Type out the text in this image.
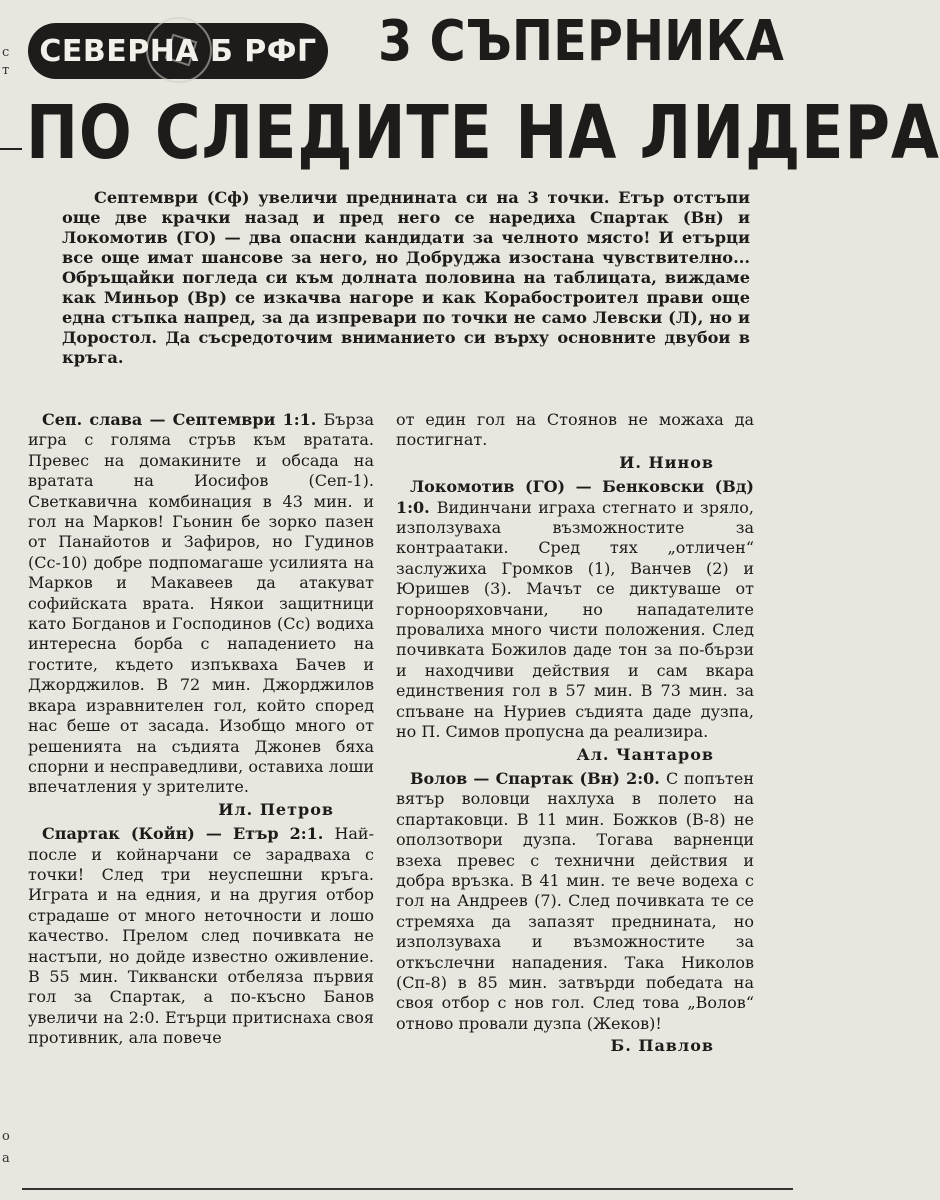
с
т
о
а
СЕВЕРНА Б РФГ 3 СЪПЕРНИКА
ПО СЛЕДИТЕ НА ЛИДЕРА
Септември (Сф) увеличи преднината си на 3 точки. Етър отстъпи още две крачки назад и пред него се наредиха Спартак (Вн) и Локомотив (ГО) — два опасни кандидати за челното място! И етърци все още имат шансове за него, но Добруджа изостана чувствително... Обръщайки погледа си към долната половина на таблицата, виждаме как Миньор (Вр) се изкачва нагоре и как Корабостроител прави още една стъпка напред, за да изпревари по точки не само Левски (Л), но и Доростол. Да съсредоточим вниманието си върху основните двубои в кръга.

Сеп. слава — Септември 1:1. Бърза игра с голяма стръв към вратата. Превес на домакините и обсада на вратата на Иосифов (Сеп-1). Светкавична комбинация в 43 мин. и гол на Марков! Гьонин бе зорко пазен от Панайотов и Зафиров, но Гудинов (Сс-10) добре подпомагаше усилията на Марков и Макавеев да атакуват софийската врата. Някои защитници като Богданов и Господинов (Сс) водиха интересна борба с нападението на гостите, където изпъкваха Бачев и Джорджилов. В 72 мин. Джорджилов вкара изравнителен гол, който според нас беше от засада. Изобщо много от решенията на съдията Джонев бяха спорни и несправедливи, оставиха лоши впечатления у зрителите.

Ил. Петров

Спартак (Койн) — Етър 2:1. Най-после и койнарчани се зарадваха с точки! След три неуспешни кръга. Играта и на едния, и на другия отбор страдаше от много неточности и лошо качество. Прелом след почивката не настъпи, но дойде известно оживление. В 55 мин. Тиквански отбеляза първия гол за Спартак, а по-късно Банов увеличи на 2:0. Етърци притиснаха своя противник, ала повече

от един гол на Стоянов не можаха да постигнат.

И. Нинов

Локомотив (ГО) — Бенковски (Вд) 1:0. Видинчани играха стегнато и зряло, използуваха възможностите за контраатаки. Сред тях „отличен“ заслужиха Громков (1), Ванчев (2) и Юришев (3). Мачът се диктуваше от горнооряховчани, но нападателите провалиха много чисти положения. След почивката Божилов даде тон за по-бързи и находчиви действия и сам вкара единствения гол в 57 мин. В 73 мин. за спъване на Нуриев съдията даде дузпа, но П. Симов пропусна да реализира.

Ал. Чантаров

Волов — Спартак (Вн) 2:0. С попътен вятър воловци нахлуха в полето на спартаковци. В 11 мин. Божков (В-8) не оползотвори дузпа. Тогава варненци взеха превес с технични действия и добра връзка. В 41 мин. те вече водеха с гол на Андреев (7). След почивката те се стремяха да запазят преднината, но използуваха и възможностите за откъслечни нападения. Така Николов (Сп-8) в 85 мин. затвърди победата на своя отбор с нов гол. След това „Волов“ отново провали дузпа (Жеков)!

Б. Павлов
